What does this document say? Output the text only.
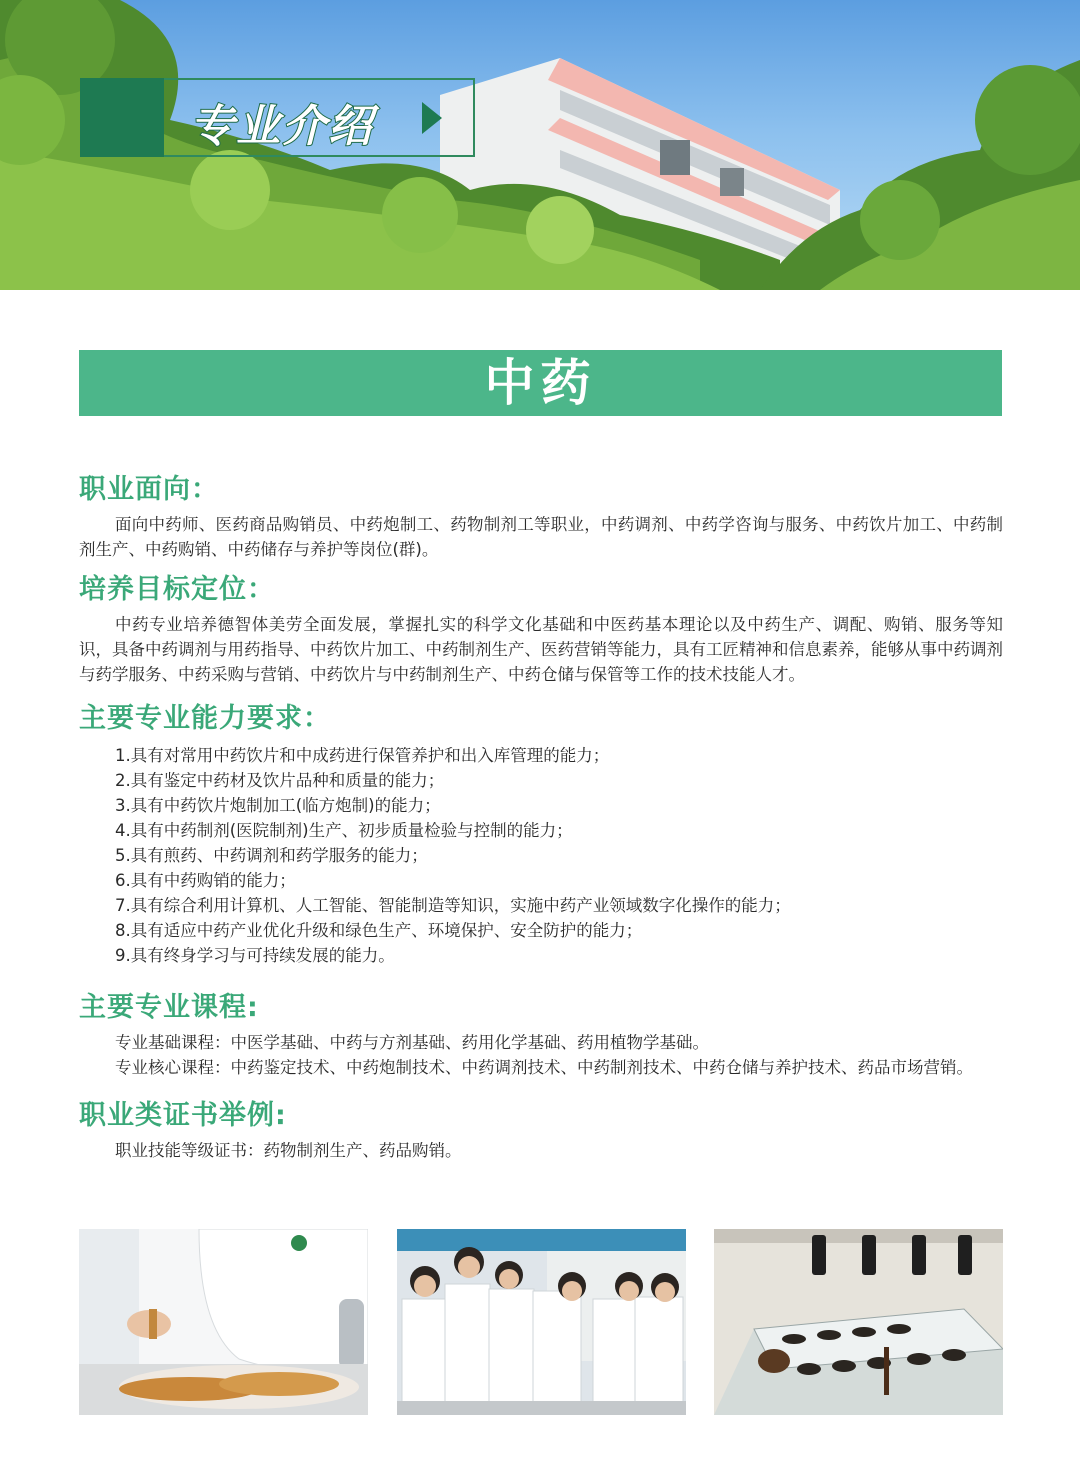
专业介绍
中药
职业面向：

面向中药师、医药商品购销员、中药炮制工、药物制剂工等职业，中药调剂、中药学咨询与服务、中药饮片加工、中药制剂生产、中药购销、中药储存与养护等岗位(群)。

培养目标定位：

中药专业培养德智体美劳全面发展，掌握扎实的科学文化基础和中医药基本理论以及中药生产、调配、购销、服务等知识，具备中药调剂与用药指导、中药饮片加工、中药制剂生产、医药营销等能力，具有工匠精神和信息素养，能够从事中药调剂与药学服务、中药采购与营销、中药饮片与中药制剂生产、中药仓储与保管等工作的技术技能人才。

主要专业能力要求：
1.具有对常用中药饮片和中成药进行保管养护和出入库管理的能力；
2.具有鉴定中药材及饮片品种和质量的能力；
3.具有中药饮片炮制加工(临方炮制)的能力；
4.具有中药制剂(医院制剂)生产、初步质量检验与控制的能力；
5.具有煎药、中药调剂和药学服务的能力；
6.具有中药购销的能力；
7.具有综合利用计算机、人工智能、智能制造等知识，实施中药产业领域数字化操作的能力；
8.具有适应中药产业优化升级和绿色生产、环境保护、安全防护的能力；
9.具有终身学习与可持续发展的能力。
主要专业课程:

专业基础课程：中医学基础、中药与方剂基础、药用化学基础、药用植物学基础。

专业核心课程：中药鉴定技术、中药炮制技术、中药调剂技术、中药制剂技术、中药仓储与养护技术、药品市场营销。

职业类证书举例:

职业技能等级证书：药物制剂生产、药品购销。
